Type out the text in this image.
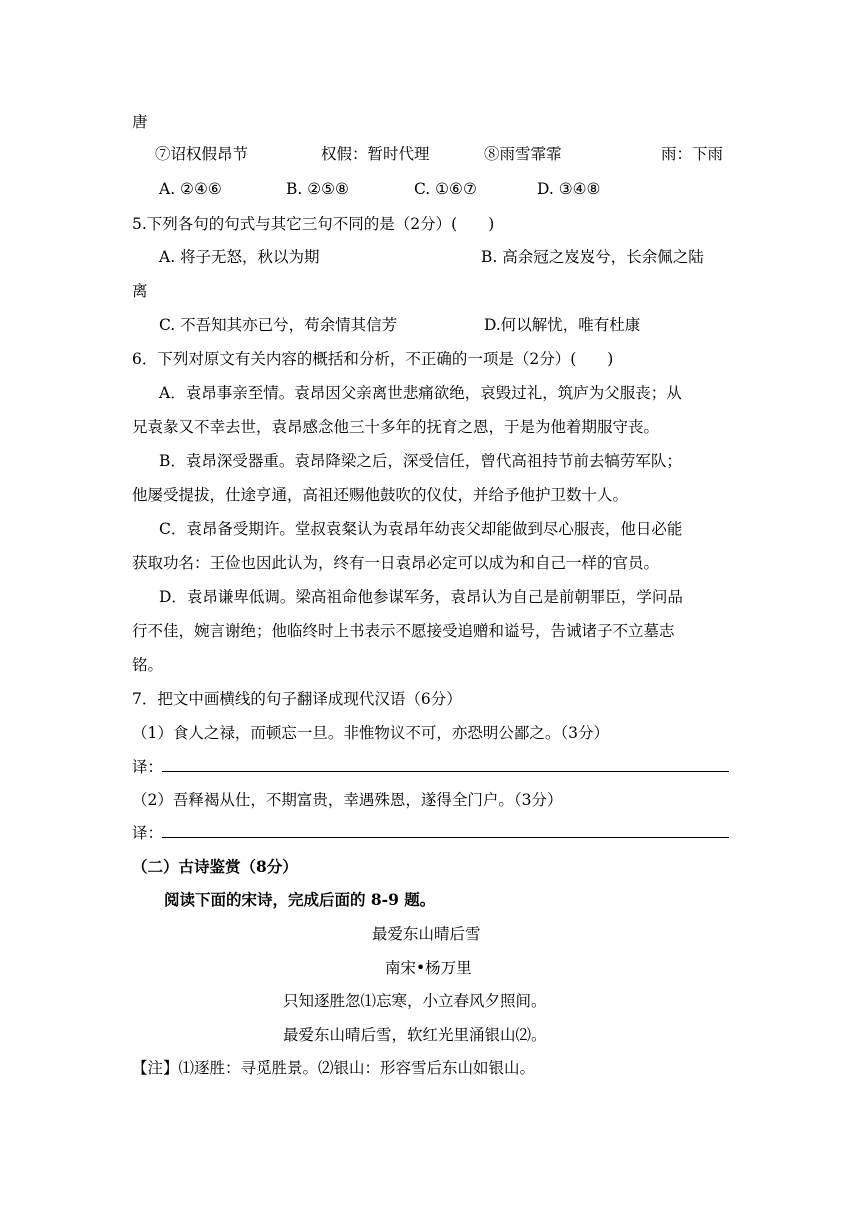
唐
⑦诏权假昂节	权假：暂时代理	⑧雨雪霏霏	雨：下雨
A. ②④⑥	B. ②⑤⑧	C. ①⑥⑦	D. ③④⑧
5.下列各句的句式与其它三句不同的是（2分）(　　)
A. 将子无怒，秋以为期	B. 高余冠之岌岌兮，长余佩之陆
离
C. 不吾知其亦已兮，苟余情其信芳	D.何以解忧，唯有杜康
6．下列对原文有关内容的概括和分析，不正确的一项是（2分）(　　)
A．袁昂事亲至情。袁昂因父亲离世悲痛欲绝，哀毁过礼，筑庐为父服丧；从
兄袁彖又不幸去世，袁昂感念他三十多年的抚育之恩，于是为他着期服守丧。
B．袁昂深受器重。袁昂降梁之后，深受信任，曾代高祖持节前去犒劳军队；
他屡受提拔，仕途亨通，高祖还赐他鼓吹的仪仗，并给予他护卫数十人。
C．袁昂备受期许。堂叔袁粲认为袁昂年幼丧父却能做到尽心服丧，他日必能
获取功名：王俭也因此认为，终有一日袁昂必定可以成为和自己一样的官员。
D．袁昂谦卑低调。梁高祖命他参谋军务，袁昂认为自己是前朝罪臣，学问品
行不佳，婉言谢绝；他临终时上书表示不愿接受追赠和谥号，告诫诸子不立墓志
铭。
7．把文中画横线的句子翻译成现代汉语（6分）
（1）食人之禄，而顿忘一旦。非惟物议不可，亦恐明公鄙之。（3分）
译：
（2）吾释褐从仕，不期富贵，幸遇殊恩，遂得全门户。（3分）
译：
（二）古诗鉴赏（8分）
阅读下面的宋诗，完成后面的 8-9 题。
最爱东山晴后雪
南宋•杨万里
只知逐胜忽⑴忘寒，小立春风夕照间。
最爱东山晴后雪，软红光里涌银山⑵。
【注】⑴逐胜：寻觅胜景。⑵银山：形容雪后东山如银山。
